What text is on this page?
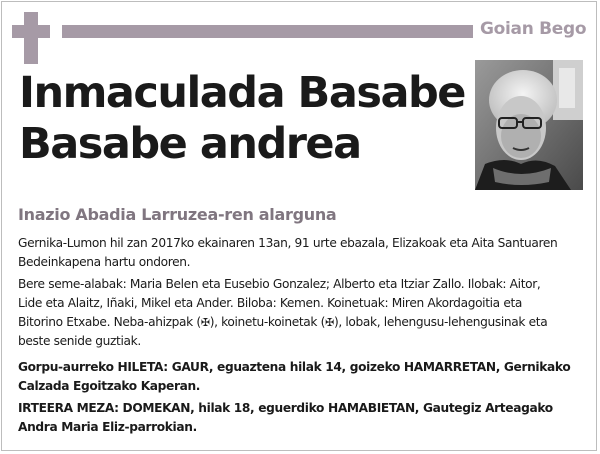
Goian Bego
Inmaculada Basabe
Basabe andrea
Inazio Abadia Larruzea-ren alarguna

Gernika-Lumon hil zan 2017ko ekainaren 13an, 91 urte ebazala, Elizakoak eta Aita Santuaren
Bedeinkapena hartu ondoren.

Bere seme-alabak: Maria Belen eta Eusebio Gonzalez; Alberto eta Itziar Zallo. Ilobak: Aitor,
Lide eta Alaitz, Iñaki, Mikel eta Ander. Biloba: Kemen. Koinetuak: Miren Akordagoitia eta
Bitorino Etxabe. Neba-ahizpak (✠), koinetu-koinetak (✠), lobak, lehengusu-lehengusinak eta
beste senide guztiak.

Gorpu-aurreko HILETA: GAUR, eguaztena hilak 14, goizeko HAMARRETAN, Gernikako
Calzada Egoitzako Kaperan.

IRTEERA MEZA: DOMEKAN, hilak 18, eguerdiko HAMABIETAN, Gautegiz Arteagako
Andra Maria Eliz-parrokian.
